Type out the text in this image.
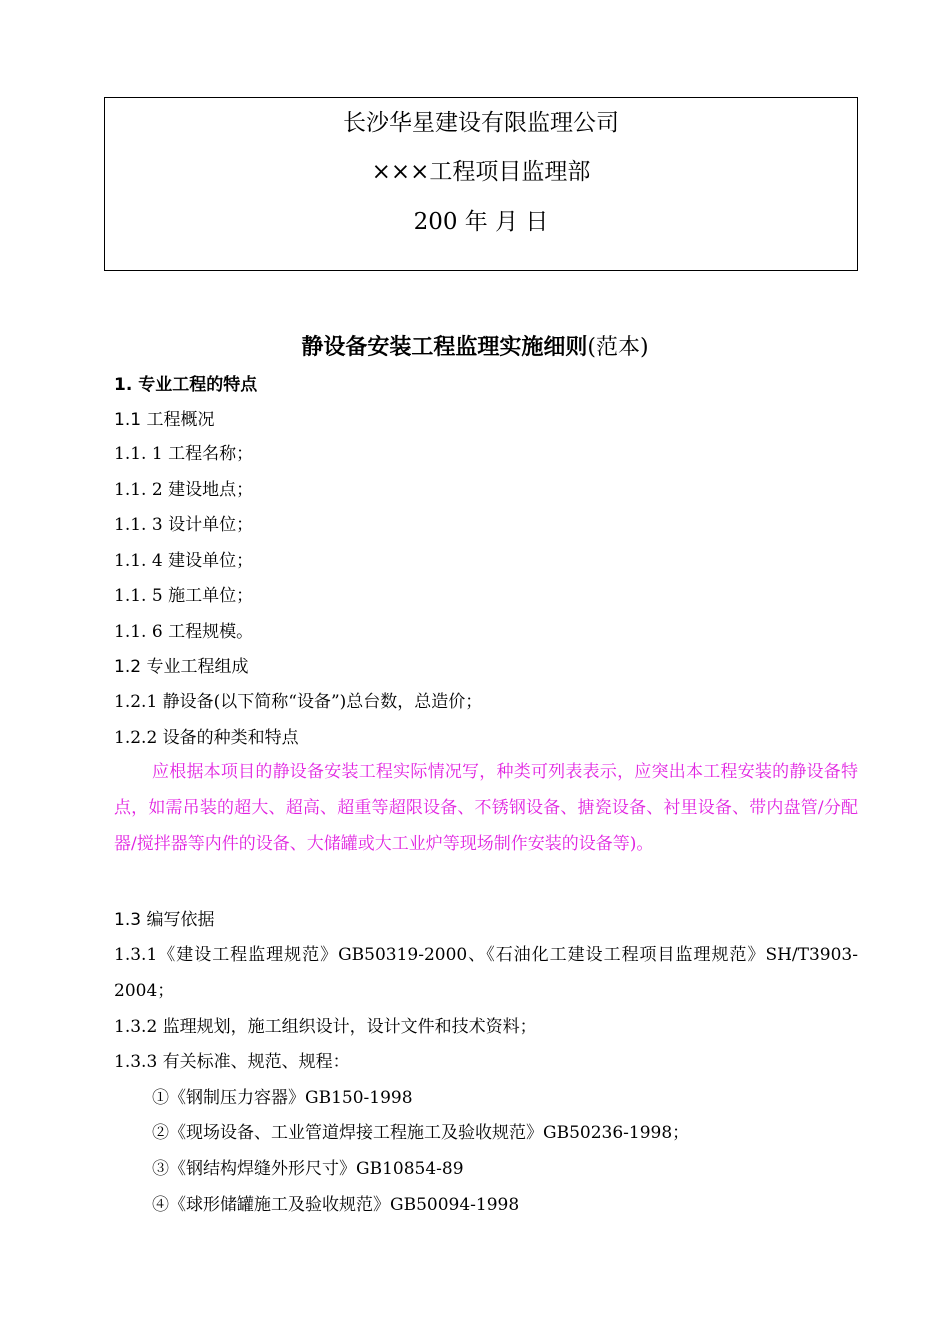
长沙华星建设有限监理公司
×××工程项目监理部
200 年 月 日
静设备安装工程监理实施细则(范本)
1. 专业工程的特点
1.1 工程概况
1.1. 1 工程名称；
1.1. 2 建设地点；
1.1. 3 设计单位；
1.1. 4 建设单位；
1.1. 5 施工单位；
1.1. 6 工程规模。
1.2 专业工程组成
1.2.1 静设备(以下简称“设备”)总台数，总造价；
1.2.2 设备的种类和特点
应根据本项目的静设备安装工程实际情况写，种类可列表表示，应突出本工程安装的静设备特点，如需吊装的超大、超高、超重等超限设备、不锈钢设备、搪瓷设备、衬里设备、带内盘管/分配器/搅拌器等内件的设备、大储罐或大工业炉等现场制作安装的设备等)。
1.3 编写依据
1.3.1《建设工程监理规范》GB50319-2000、《石油化工建设工程项目监理规范》SH/T3903-2004；
1.3.2 监理规划，施工组织设计，设计文件和技术资料；
1.3.3 有关标准、规范、规程：
①《钢制压力容器》GB150-1998
②《现场设备、工业管道焊接工程施工及验收规范》GB50236-1998；
③《钢结构焊缝外形尺寸》GB10854-89
④《球形储罐施工及验收规范》GB50094-1998
